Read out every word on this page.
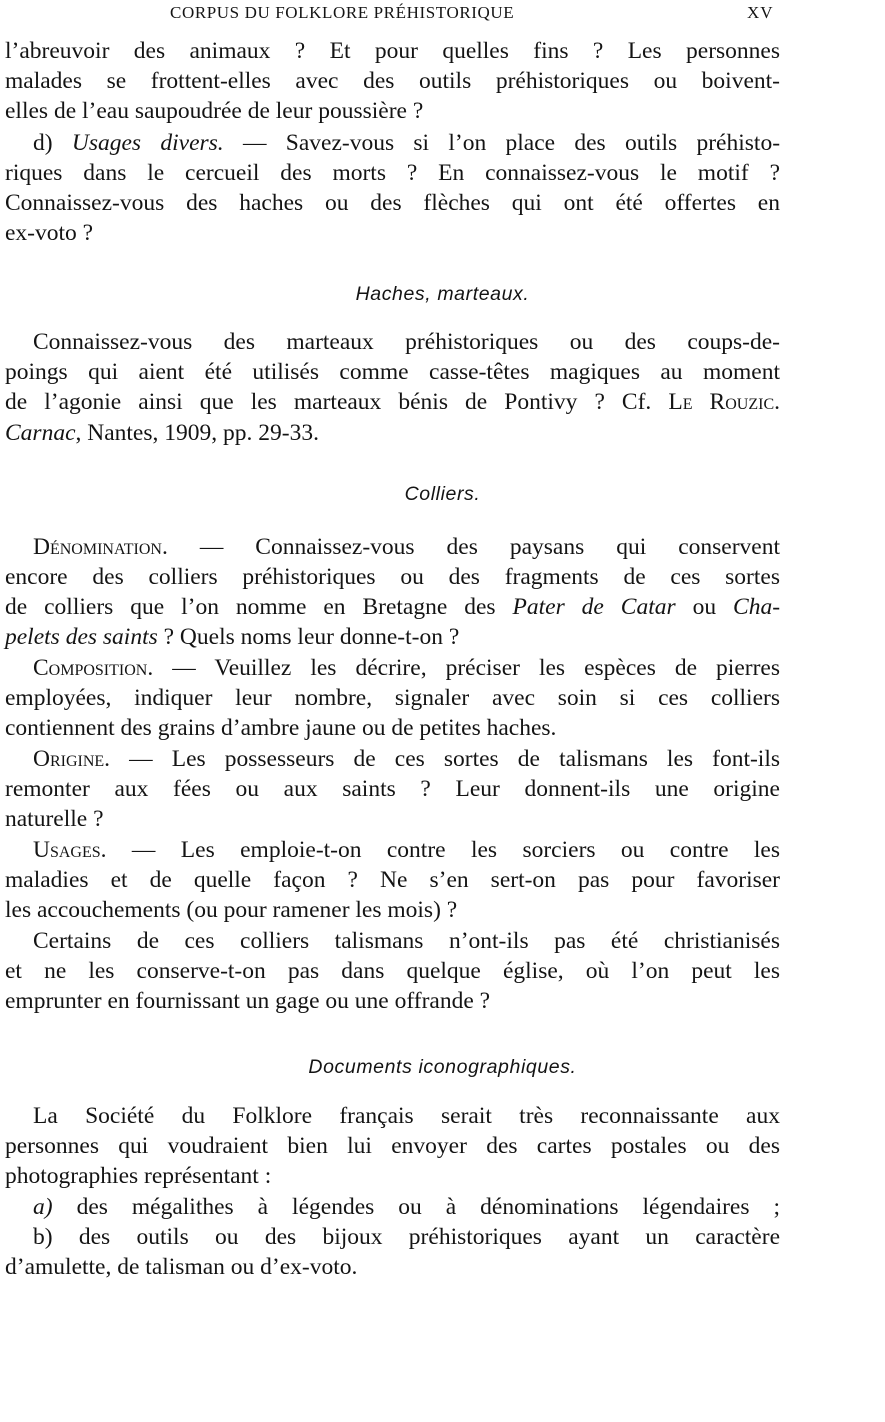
CORPUS DU FOLKLORE PRÉHISTORIQUE	XV
l’abreuvoir des animaux ? Et pour quelles fins ? Les personnes
malades se frottent-elles avec des outils préhistoriques ou boivent-
elles de l’eau saupoudrée de leur poussière ?
d) Usages divers. — Savez-vous si l’on place des outils préhisto-
riques dans le cercueil des morts ? En connaissez-vous le motif ?
Connaissez-vous des haches ou des flèches qui ont été offertes en
ex-voto ?
Haches, marteaux.
Connaissez-vous des marteaux préhistoriques ou des coups-de-
poings qui aient été utilisés comme casse-têtes magiques au moment
de l’agonie ainsi que les marteaux bénis de Pontivy ? Cf. Le Rouzic.
Carnac, Nantes, 1909, pp. 29-33.
Colliers.
Dénomination. — Connaissez-vous des paysans qui conservent
encore des colliers préhistoriques ou des fragments de ces sortes
de colliers que l’on nomme en Bretagne des Pater de Catar ou Cha-
pelets des saints ? Quels noms leur donne-t-on ?
Composition. — Veuillez les décrire, préciser les espèces de pierres
employées, indiquer leur nombre, signaler avec soin si ces colliers
contiennent des grains d’ambre jaune ou de petites haches.
Origine. — Les possesseurs de ces sortes de talismans les font-ils
remonter aux fées ou aux saints ? Leur donnent-ils une origine
naturelle ?
Usages. — Les emploie-t-on contre les sorciers ou contre les
maladies et de quelle façon ? Ne s’en sert-on pas pour favoriser
les accouchements (ou pour ramener les mois) ?
Certains de ces colliers talismans n’ont-ils pas été christianisés
et ne les conserve-t-on pas dans quelque église, où l’on peut les
emprunter en fournissant un gage ou une offrande ?
Documents iconographiques.
La Société du Folklore français serait très reconnaissante aux
personnes qui voudraient bien lui envoyer des cartes postales ou des
photographies représentant :
a) des mégalithes à légendes ou à dénominations légendaires ;
b) des outils ou des bijoux préhistoriques ayant un caractère
d’amulette, de talisman ou d’ex-voto.
